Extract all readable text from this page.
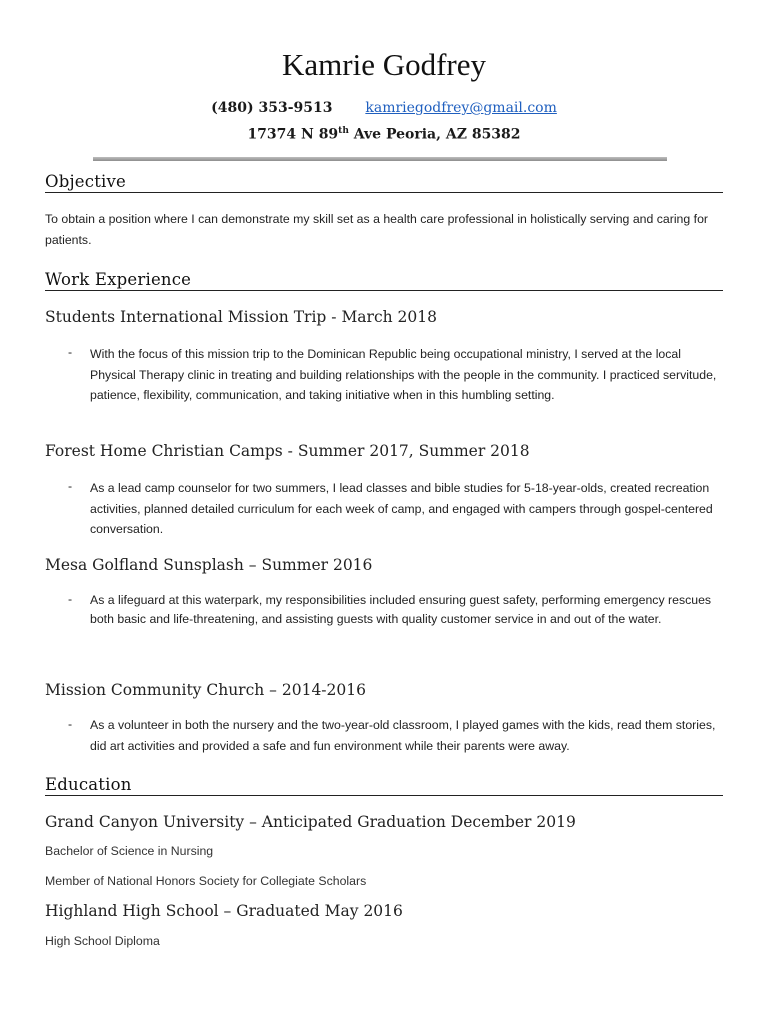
Kamrie Godfrey
(480) 353-9513 kamriegodfrey@gmail.com
17374 N 89th Ave Peoria, AZ 85382
Objective
To obtain a position where I can demonstrate my skill set as a health care professional in holistically serving and caring for patients.
Work Experience
Students International Mission Trip - March 2018
- With the focus of this mission trip to the Dominican Republic being occupational ministry, I served at the local Physical Therapy clinic in treating and building relationships with the people in the community. I practiced servitude, patience, flexibility, communication, and taking initiative when in this humbling setting.
Forest Home Christian Camps - Summer 2017, Summer 2018
- As a lead camp counselor for two summers, I lead classes and bible studies for 5-18-year-olds, created recreation activities, planned detailed curriculum for each week of camp, and engaged with campers through gospel-centered conversation.
Mesa Golfland Sunsplash – Summer 2016
- As a lifeguard at this waterpark, my responsibilities included ensuring guest safety, performing emergency rescues both basic and life-threatening, and assisting guests with quality customer service in and out of the water.
Mission Community Church – 2014-2016
- As a volunteer in both the nursery and the two-year-old classroom, I played games with the kids, read them stories, did art activities and provided a safe and fun environment while their parents were away.
Education
Grand Canyon University – Anticipated Graduation December 2019
Bachelor of Science in Nursing
Member of National Honors Society for Collegiate Scholars
Highland High School – Graduated May 2016
High School Diploma
